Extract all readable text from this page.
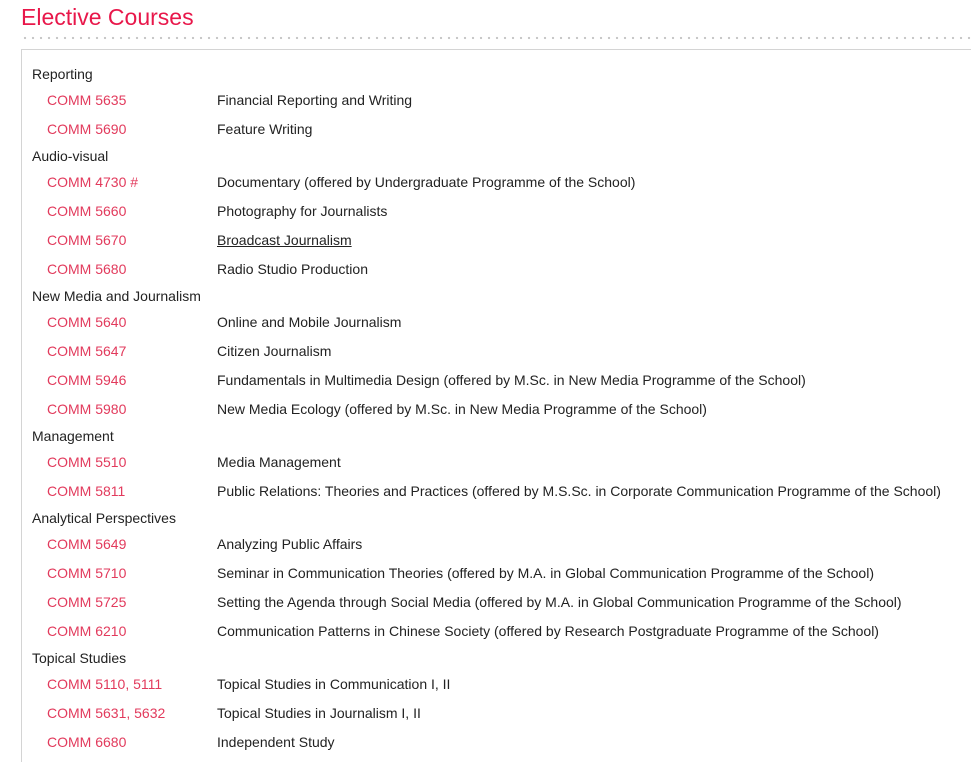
Elective Courses
Reporting
COMM 5635	Financial Reporting and Writing
COMM 5690	Feature Writing
Audio-visual
COMM 4730 #	Documentary (offered by Undergraduate Programme of the School)
COMM 5660	Photography for Journalists
COMM 5670	Broadcast Journalism
COMM 5680	Radio Studio Production
New Media and Journalism
COMM 5640	Online and Mobile Journalism
COMM 5647	Citizen Journalism
COMM 5946	Fundamentals in Multimedia Design (offered by M.Sc. in New Media Programme of the School)
COMM 5980	New Media Ecology (offered by M.Sc. in New Media Programme of the School)
Management
COMM 5510	Media Management
COMM 5811	Public Relations: Theories and Practices (offered by M.S.Sc. in Corporate Communication Programme of the School)
Analytical Perspectives
COMM 5649	Analyzing Public Affairs
COMM 5710	Seminar in Communication Theories (offered by M.A. in Global Communication Programme of the School)
COMM 5725	Setting the Agenda through Social Media (offered by M.A. in Global Communication Programme of the School)
COMM 6210	Communication Patterns in Chinese Society (offered by Research Postgraduate Programme of the School)
Topical Studies
COMM 5110, 5111	Topical Studies in Communication I, II
COMM 5631, 5632	Topical Studies in Journalism I, II
COMM 6680	Independent Study
